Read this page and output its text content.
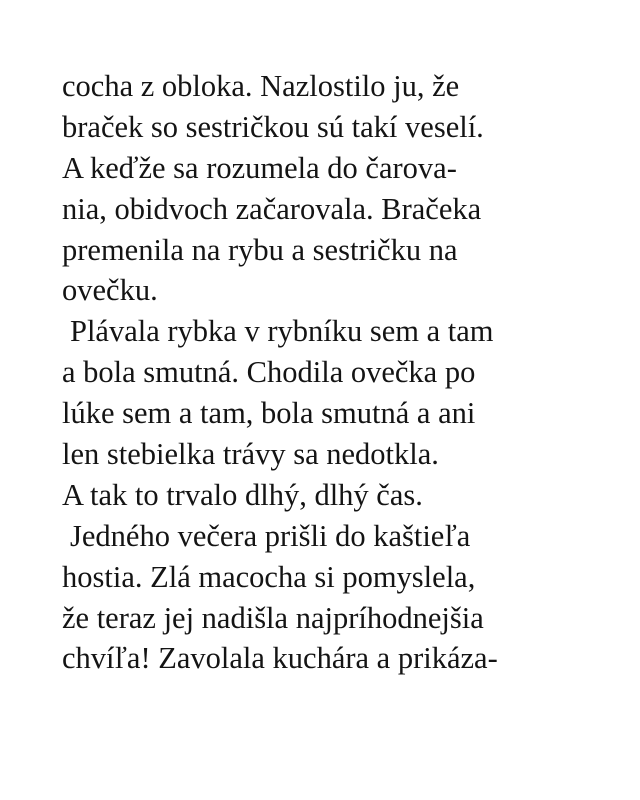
cocha z obloka. Nazlostilo ju, že
braček so sestričkou sú takí veselí.
A keďže sa rozumela do čarova-
nia, obidvoch začarovala. Bračeka
premenila na rybu a sestričku na
ovečku.
Plávala rybka v rybníku sem a tam
a bola smutná. Chodila ovečka po
lúke sem a tam, bola smutná a ani
len stebielka trávy sa nedotkla.
A tak to trvalo dlhý, dlhý čas.
Jedného večera prišli do kaštieľa
hostia. Zlá macocha si pomyslela,
že teraz jej nadišla najpríhodnejšia
chvíľa! Zavolala kuchára a prikáza-
